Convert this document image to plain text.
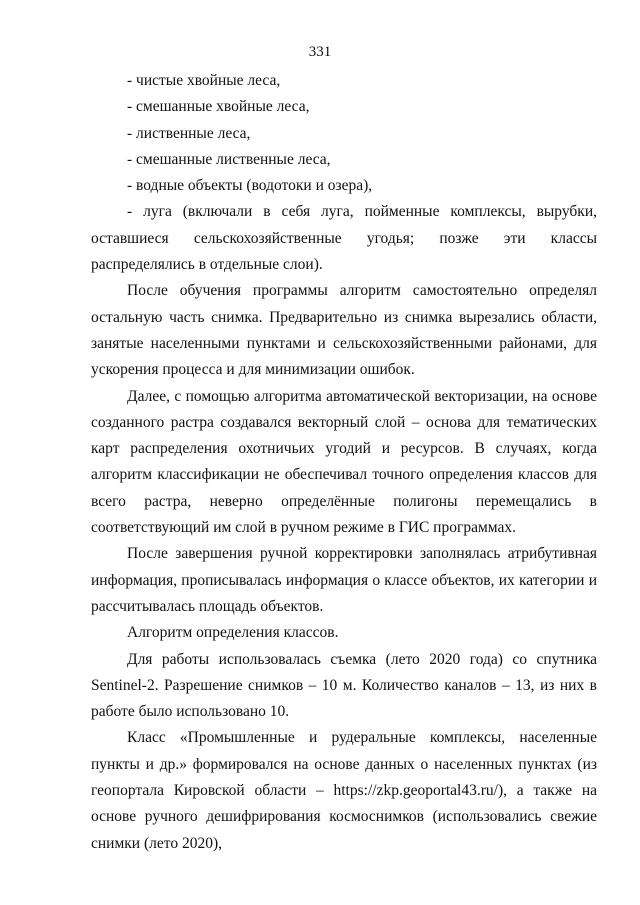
331

- чистые хвойные леса,

- смешанные хвойные леса,

- лиственные леса,

- смешанные лиственные леса,

- водные объекты (водотоки и озера),

- луга (включали в себя луга, пойменные комплексы, вырубки, оставшиеся сельскохозяйственные угодья; позже эти классы распределялись в отдельные слои).

После обучения программы алгоритм самостоятельно определял остальную часть снимка. Предварительно из снимка вырезались области, занятые населенными пунктами и сельскохозяйственными районами, для ускорения процесса и для минимизации ошибок.

Далее, с помощью алгоритма автоматической векторизации, на основе созданного растра создавался векторный слой – основа для тематических карт распределения охотничьих угодий и ресурсов. В случаях, когда алгоритм классификации не обеспечивал точного определения классов для всего растра, неверно определённые полигоны перемещались в соответствующий им слой в ручном режиме в ГИС программах.

После завершения ручной корректировки заполнялась атрибутивная информация, прописывалась информация о классе объектов, их категории и рассчитывалась площадь объектов.

Алгоритм определения классов.

Для работы использовалась съемка (лето 2020 года) со спутника Sentinel-2. Разрешение снимков – 10 м. Количество каналов – 13, из них в работе было использовано 10.

Класс «Промышленные и рудеральные комплексы, населенные пункты и др.» формировался на основе данных о населенных пунктах (из геопортала Кировской области – https://zkp.geoportal43.ru/), а также на основе ручного дешифрирования космоснимков (использовались свежие снимки (лето 2020),
